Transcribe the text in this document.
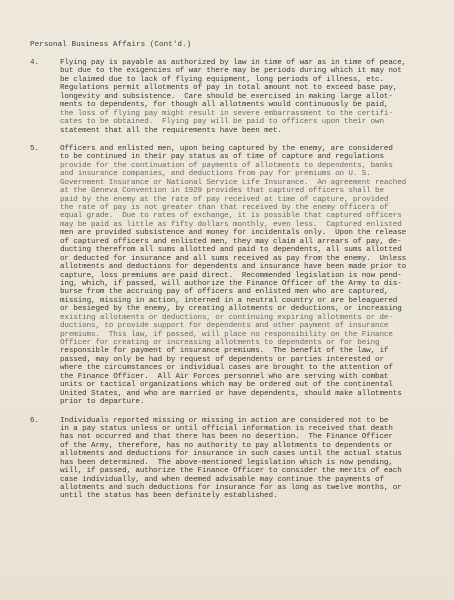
Personal Business Affairs (Cont'd.)

4.	Flying pay is payable as authorized by law in time of war as in time of peace,
but due to the exigencies of war there may be periods during which it may not
be claimed due to lack of flying equipment, long periods of illness, etc.
Regulations permit allotments of pay in total amount not to exceed base pay,
longevity and subsistence.  Care should be exercised in making large allot-
ments to dependents, for though all allotments would continuously be paid,
the loss of flying pay might result in severe embarrassment to the certifi-
cates to be obtained.  Flying pay will be paid to officers upon their own
statement that all the requirements have been met.
5.	Officers and enlisted men, upon being captured by the enemy, are considered
to be continued in their pay status as of time of capture and regulations
provide for the continuation of payments of allotments to dependents, banks
and insurance companies, and deductions from pay for premiums on U. S.
Government Insurance or National Service Life Insurance.  An agreement reached
at the Geneva Convention in 1929 provides that captured officers shall be
paid by the enemy at the rate of pay received at time of capture, provided
the rate of pay is not greater than that received by the enemy officers of
equal grade.  Due to rates of exchange, it is possible that captured officers
may be paid as little as fifty dollars monthly, even less.  Captured enlisted
men are provided subsistence and money for incidentals only.  Upon the release
of captured officers and enlisted men, they may claim all arrears of pay, de-
ducting therefrom all sums allotted and paid to dependents, all sums allotted
or deducted for insurance and all sums received as pay from the enemy.  Unless
allotments and deductions for dependents and insurance have been made prior to
capture, loss premiums are paid direct.  Recommended legislation is now pend-
ing, which, if passed, will authorize the Finance Officer of the Army to dis-
burse from the accruing pay of officers and enlisted men who are captured,
missing, missing in action, interned in a neutral country or are beleaguered
or besieged by the enemy, by creating allotments or deductions, or increasing
existing allotments or deductions, or continuing expiring allotments or de-
ductions, to provide support for dependents and other payment of insurance
premiums.  This law, if passed, will place no responsibility on the Finance
Officer for creating or increasing allotments to dependents or for being
responsible for payment of insurance premiums.  The benefit of the law, if
passed, may only be had by request of dependents or parties interested or
where the circumstances or individual cases are brought to the attention of
the Finance Officer.  All Air Forces personnel who are serving with combat
units or tactical organizations which may be ordered out of the continental
United States, and who are married or have dependents, should make allotments
prior to departure.
6.	Individuals reported missing or missing in action are considered not to be
in a pay status unless or until official information is received that death
has not occurred and that there has been no desertion.  The Finance Officer
of the Army, therefore, has no authority to pay allotments to dependents or
allotments and deductions for insurance in such cases until the actual status
has been determined.  The above-mentioned legislation which is now pending,
will, if passed, authorize the Finance Officer to consider the merits of each
case individually, and when deemed advisable may continue the payments of
allotments and such deductions for insurance for as long as twelve months, or
until the status has been definitely established.
